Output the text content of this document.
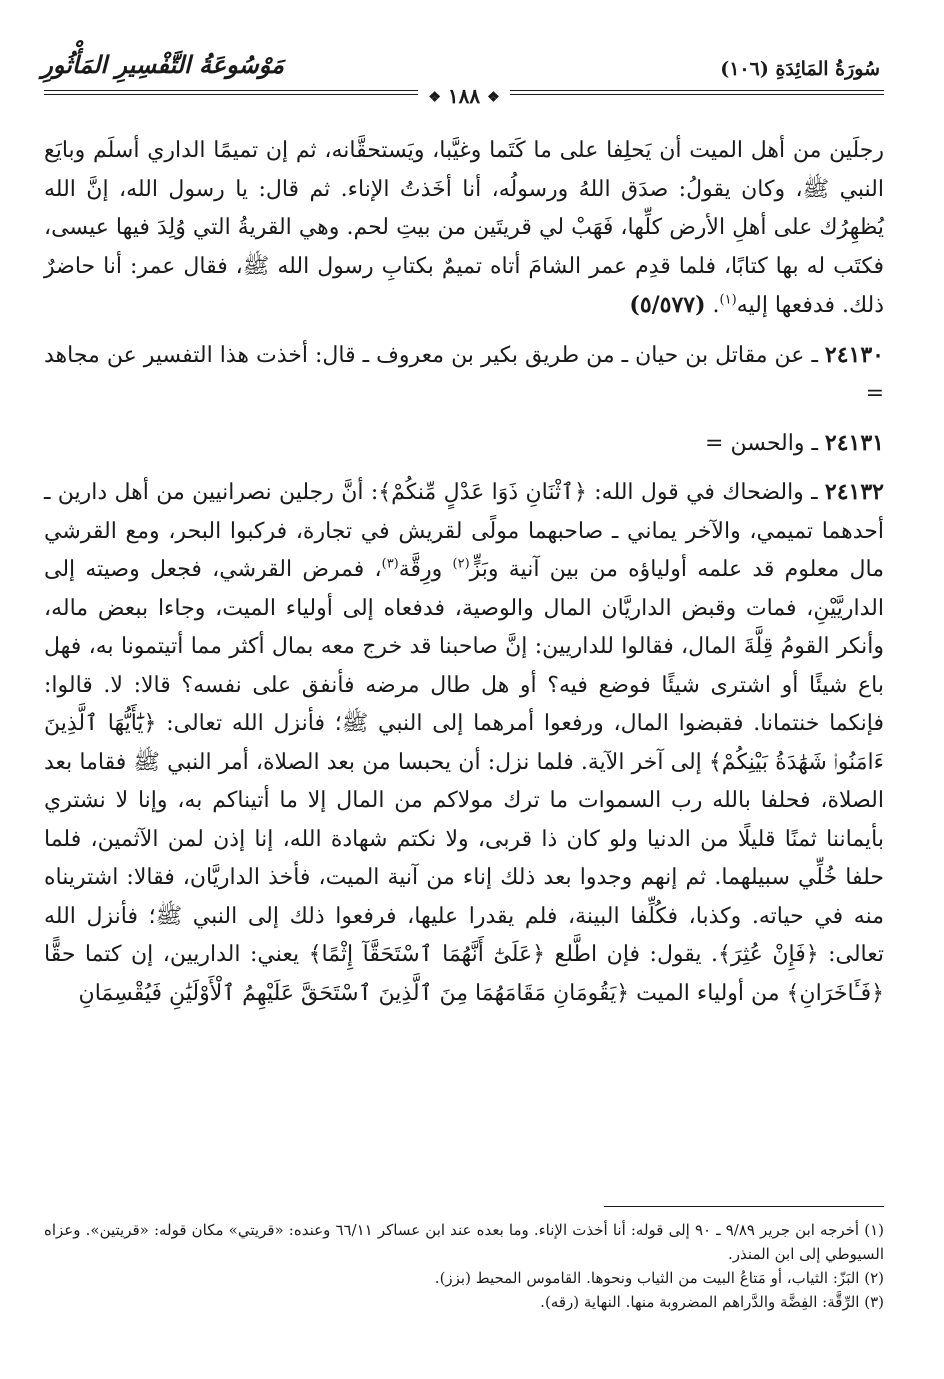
سُورَةُ المَائِدَةِ (١٠٦)
مَوْسُوعَةُ التَّفْسِيرِ المَأْثُورِ
❖ ١٨٨ ❖

رجلَين من أهل الميت أن يَحلِفا على ما كَتَما وغيَّبا، ويَستحقَّانه، ثم إن تميمًا الداري أسلَم وبايَع النبي ﷺ، وكان يقولُ: صدَق اللهُ ورسولُه، أنا أخَذتُ الإناء. ثم قال: يا رسول الله، إنَّ الله يُظهِرُك على أهلِ الأرض كلِّها، فَهَبْ لي قريتَين من بيتِ لحم. وهي القريةُ التي وُلِدَ فيها عيسى، فكتَب له بها كتابًا، فلما قدِم عمر الشامَ أتاه تميمٌ بكتابِ رسول الله ﷺ، فقال عمر: أنا حاضرٌ ذلك. فدفعها إليه$^{(١)}$. (٥/٥٧٧)

٢٤١٣٠ ـ عن مقاتل بن حيان ـ من طريق بكير بن معروف ـ قال: أخذت هذا التفسير عن مجاهد =

٢٤١٣١ ـ والحسن =

٢٤١٣٢ ـ والضحاك في قول الله: ﴿ٱثْنَانِ ذَوَا عَدْلٍ مِّنكُمْ﴾: أنَّ رجلين نصرانيين من أهل دارين ـ أحدهما تميمي، والآخر يماني ـ صاحبهما مولًى لقريش في تجارة، فركبوا البحر، ومع القرشي مال معلوم قد علمه أولياؤه من بين آنية وبَزٍّ$^{(٢)}$ ورِقَّة$^{(٣)}$، فمرض القرشي، فجعل وصيته إلى الداريَّيْنِ، فمات وقبض الداريَّان المال والوصية، فدفعاه إلى أولياء الميت، وجاءا ببعض ماله، وأنكر القومُ قِلَّةَ المال، فقالوا للداريين: إنَّ صاحبنا قد خرج معه بمال أكثر مما أتيتمونا به، فهل باع شيئًا أو اشترى شيئًا فوضع فيه؟ أو هل طال مرضه فأنفق على نفسه؟ قالا: لا. قالوا: فإنكما خنتمانا. فقبضوا المال، ورفعوا أمرهما إلى النبي ﷺ؛ فأنزل الله تعالى: ﴿يَٰٓأَيُّهَا ٱلَّذِينَ ءَامَنُوا۟ شَهَٰدَةُ بَيْنِكُمْ﴾ إلى آخر الآية. فلما نزل: أن يحبسا من بعد الصلاة، أمر النبي ﷺ فقاما بعد الصلاة، فحلفا بالله رب السموات ما ترك مولاكم من المال إلا ما أتيناكم به، وإنا لا نشتري بأيماننا ثمنًا قليلًا من الدنيا ولو كان ذا قربى، ولا نكتم شهادة الله، إنا إذن لمن الآثمين، فلما حلفا خُلِّي سبيلهما. ثم إنهم وجدوا بعد ذلك إناء من آنية الميت، فأخذ الداريَّان، فقالا: اشتريناه منه في حياته. وكذبا، فكُلِّفا البينة، فلم يقدرا عليها، فرفعوا ذلك إلى النبي ﷺ؛ فأنزل الله تعالى: ﴿فَإِنْ عُثِرَ﴾. يقول: فإن اطَّلع ﴿عَلَىٰٓ أَنَّهُمَا ٱسْتَحَقَّآ إِثْمًا﴾ يعني: الداريين، إن كتما حقًّا ﴿فَـَٔاخَرَانِ﴾ من أولياء الميت ﴿يَقُومَانِ مَقَامَهُمَا مِنَ ٱلَّذِينَ ٱسْتَحَقَّ عَلَيْهِمُ ٱلْأَوْلَيَٰنِ فَيُقْسِمَانِ

(١) أخرجه ابن جرير ٩/٨٩ ـ ٩٠ إلى قوله: أنا أخذت الإناء. وما بعده عند ابن عساكر ٦٦/١١ وعنده: «قريتي» مكان قوله: «قريتين». وعزاه السيوطي إلى ابن المنذر.

(٢) البَزّ: الثياب، أو مَتاعُ البيت من الثياب ونحوها. القاموس المحيط (بزز).

(٣) الرِّقَّة: الفِضَّة والدَّراهم المضروبة منها. النهاية (رقه).
